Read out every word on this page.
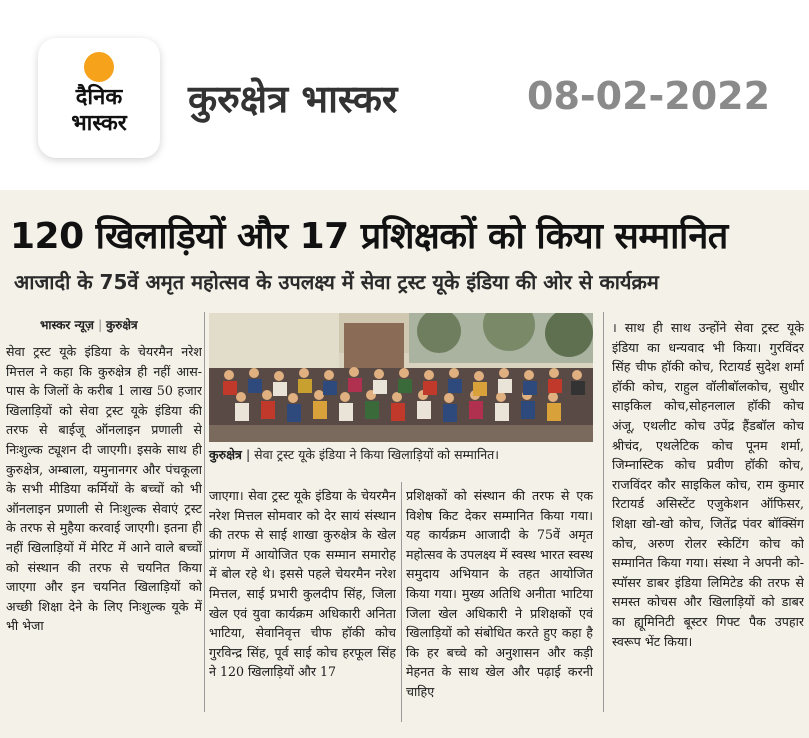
दैनिक
भास्कर
कुरुक्षेत्र भास्कर	08-02-2022
120 खिलाड़ियों और 17 प्रशिक्षकों को किया सम्मानित
आजादी के 75वें अमृत महोत्सव के उपलक्ष्य में सेवा ट्रस्ट यूके इंडिया की ओर से कार्यक्रम
भास्कर न्यूज़ | कुरुक्षेत्र
कुरुक्षेत्र | सेवा ट्रस्ट यूके इंडिया ने किया खिलाड़ियों को सम्मानित।
सेवा ट्रस्ट यूके इंडिया के चेयरमैन नरेश मित्तल ने कहा कि कुरुक्षेत्र ही नहीं आस-पास के जिलों के करीब 1 लाख 50 हजार खिलाड़ियों को सेवा ट्रस्ट यूके इंडिया की तरफ से बाईजू ऑनलाइन प्रणाली से निःशुल्क ट्यूशन दी जाएगी। इसके साथ ही कुरुक्षेत्र, अम्बाला, यमुनानगर और पंचकूला के सभी मीडिया कर्मियों के बच्चों को भी ऑनलाइन प्रणाली से निःशुल्क सेवाएं ट्रस्ट के तरफ से मुहैया करवाई जाएगी। इतना ही नहीं खिलाड़ियों में मेरिट में आने वाले बच्चों को संस्थान की तरफ से चयनित किया जाएगा और इन चयनित खिलाड़ियों को अच्छी शिक्षा देने के लिए निःशुल्क यूके में भी भेजा
जाएगा। सेवा ट्रस्ट यूके इंडिया के चेयरमैन नरेश मित्तल सोमवार को देर सायं संस्थान की तरफ से साई शाखा कुरुक्षेत्र के खेल प्रांगण में आयोजित एक सम्मान समारोह में बोल रहे थे। इससे पहले चेयरमैन नरेश मित्तल, साई प्रभारी कुलदीप सिंह, जिला खेल एवं युवा कार्यक्रम अधिकारी अनिता भाटिया, सेवानिवृत्त चीफ हॉकी कोच गुरविन्द्र सिंह, पूर्व साई कोच हरफूल सिंह ने 120 खिलाड़ियों और 17
प्रशिक्षकों को संस्थान की तरफ से एक विशेष किट देकर सम्मानित किया गया। यह कार्यक्रम आजादी के 75वें अमृत महोत्सव के उपलक्ष्य में स्वस्थ भारत स्वस्थ समुदाय अभियान के तहत आयोजित किया गया। मुख्य अतिथि अनीता भाटिया जिला खेल अधिकारी ने प्रशिक्षकों एवं खिलाड़ियों को संबोधित करते हुए कहा है कि हर बच्चे को अनुशासन और कड़ी मेहनत के साथ खेल और पढ़ाई करनी चाहिए
। साथ ही साथ उन्होंने सेवा ट्रस्ट यूके इंडिया का धन्यवाद भी किया। गुरविंदर सिंह चीफ हॉकी कोच, रिटायर्ड सुदेश शर्मा हॉकी कोच, राहुल वॉलीबॉलकोच, सुधीर साइकिल कोच,सोहनलाल हॉकी कोच अंजू, एथलीट कोच उपेंद्र हैंडबॉल कोच श्रीचंद, एथलेटिक कोच पूनम शर्मा, जिम्नास्टिक कोच प्रवीण हॉकी कोच, राजविंदर कौर साइकिल कोच, राम कुमार रिटायर्ड असिस्टेंट एजुकेशन ऑफिसर, शिक्षा खो-खो कोच, जितेंद्र पंवर बॉक्सिंग कोच, अरुण रोलर स्केटिंग कोच को सम्मानित किया गया। संस्था ने अपनी को-स्पॉसर डाबर इंडिया लिमिटेड की तरफ से समस्त कोचस और खिलाड़ियों को डाबर का ह्यूमिनिटी बूस्टर गिफ्ट पैक उपहार स्वरूप भेंट किया।
